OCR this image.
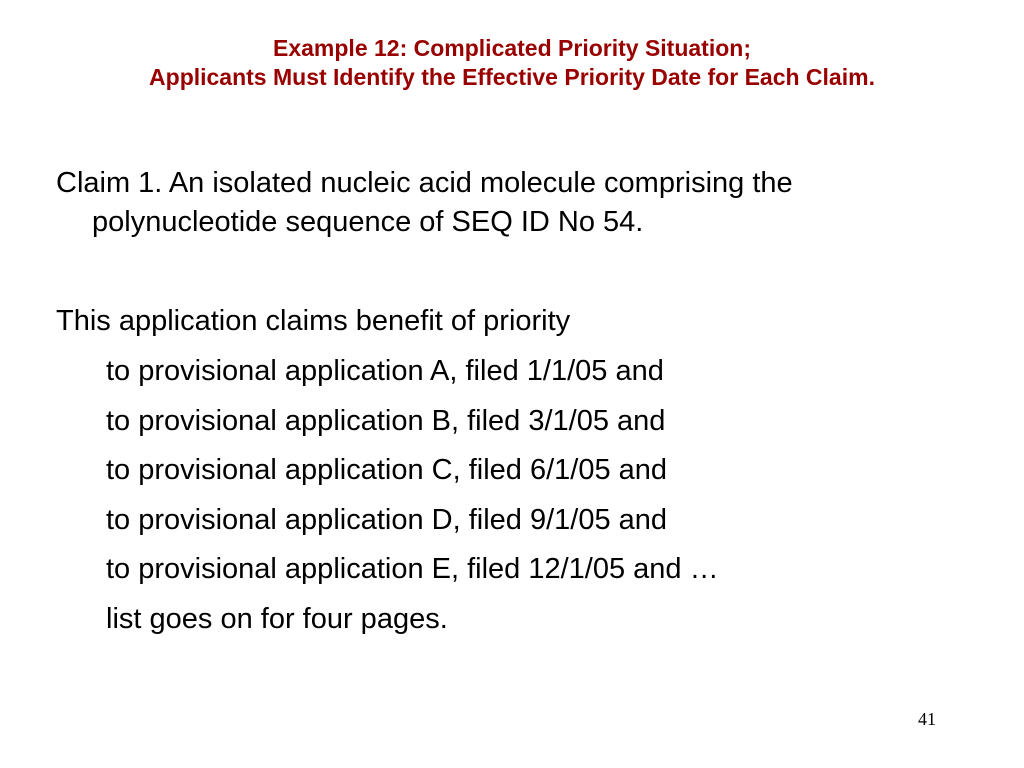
Example 12: Complicated Priority Situation;
Applicants Must Identify the Effective Priority Date for Each Claim.
Claim 1. An isolated nucleic acid molecule comprising the
polynucleotide sequence of SEQ ID No 54.
This application claims benefit of priority
to provisional application A, filed 1/1/05 and
to provisional application B, filed 3/1/05 and
to provisional application C, filed 6/1/05 and
to provisional application D, filed 9/1/05 and
to provisional application E, filed 12/1/05 and …
list goes on for four pages.
41
